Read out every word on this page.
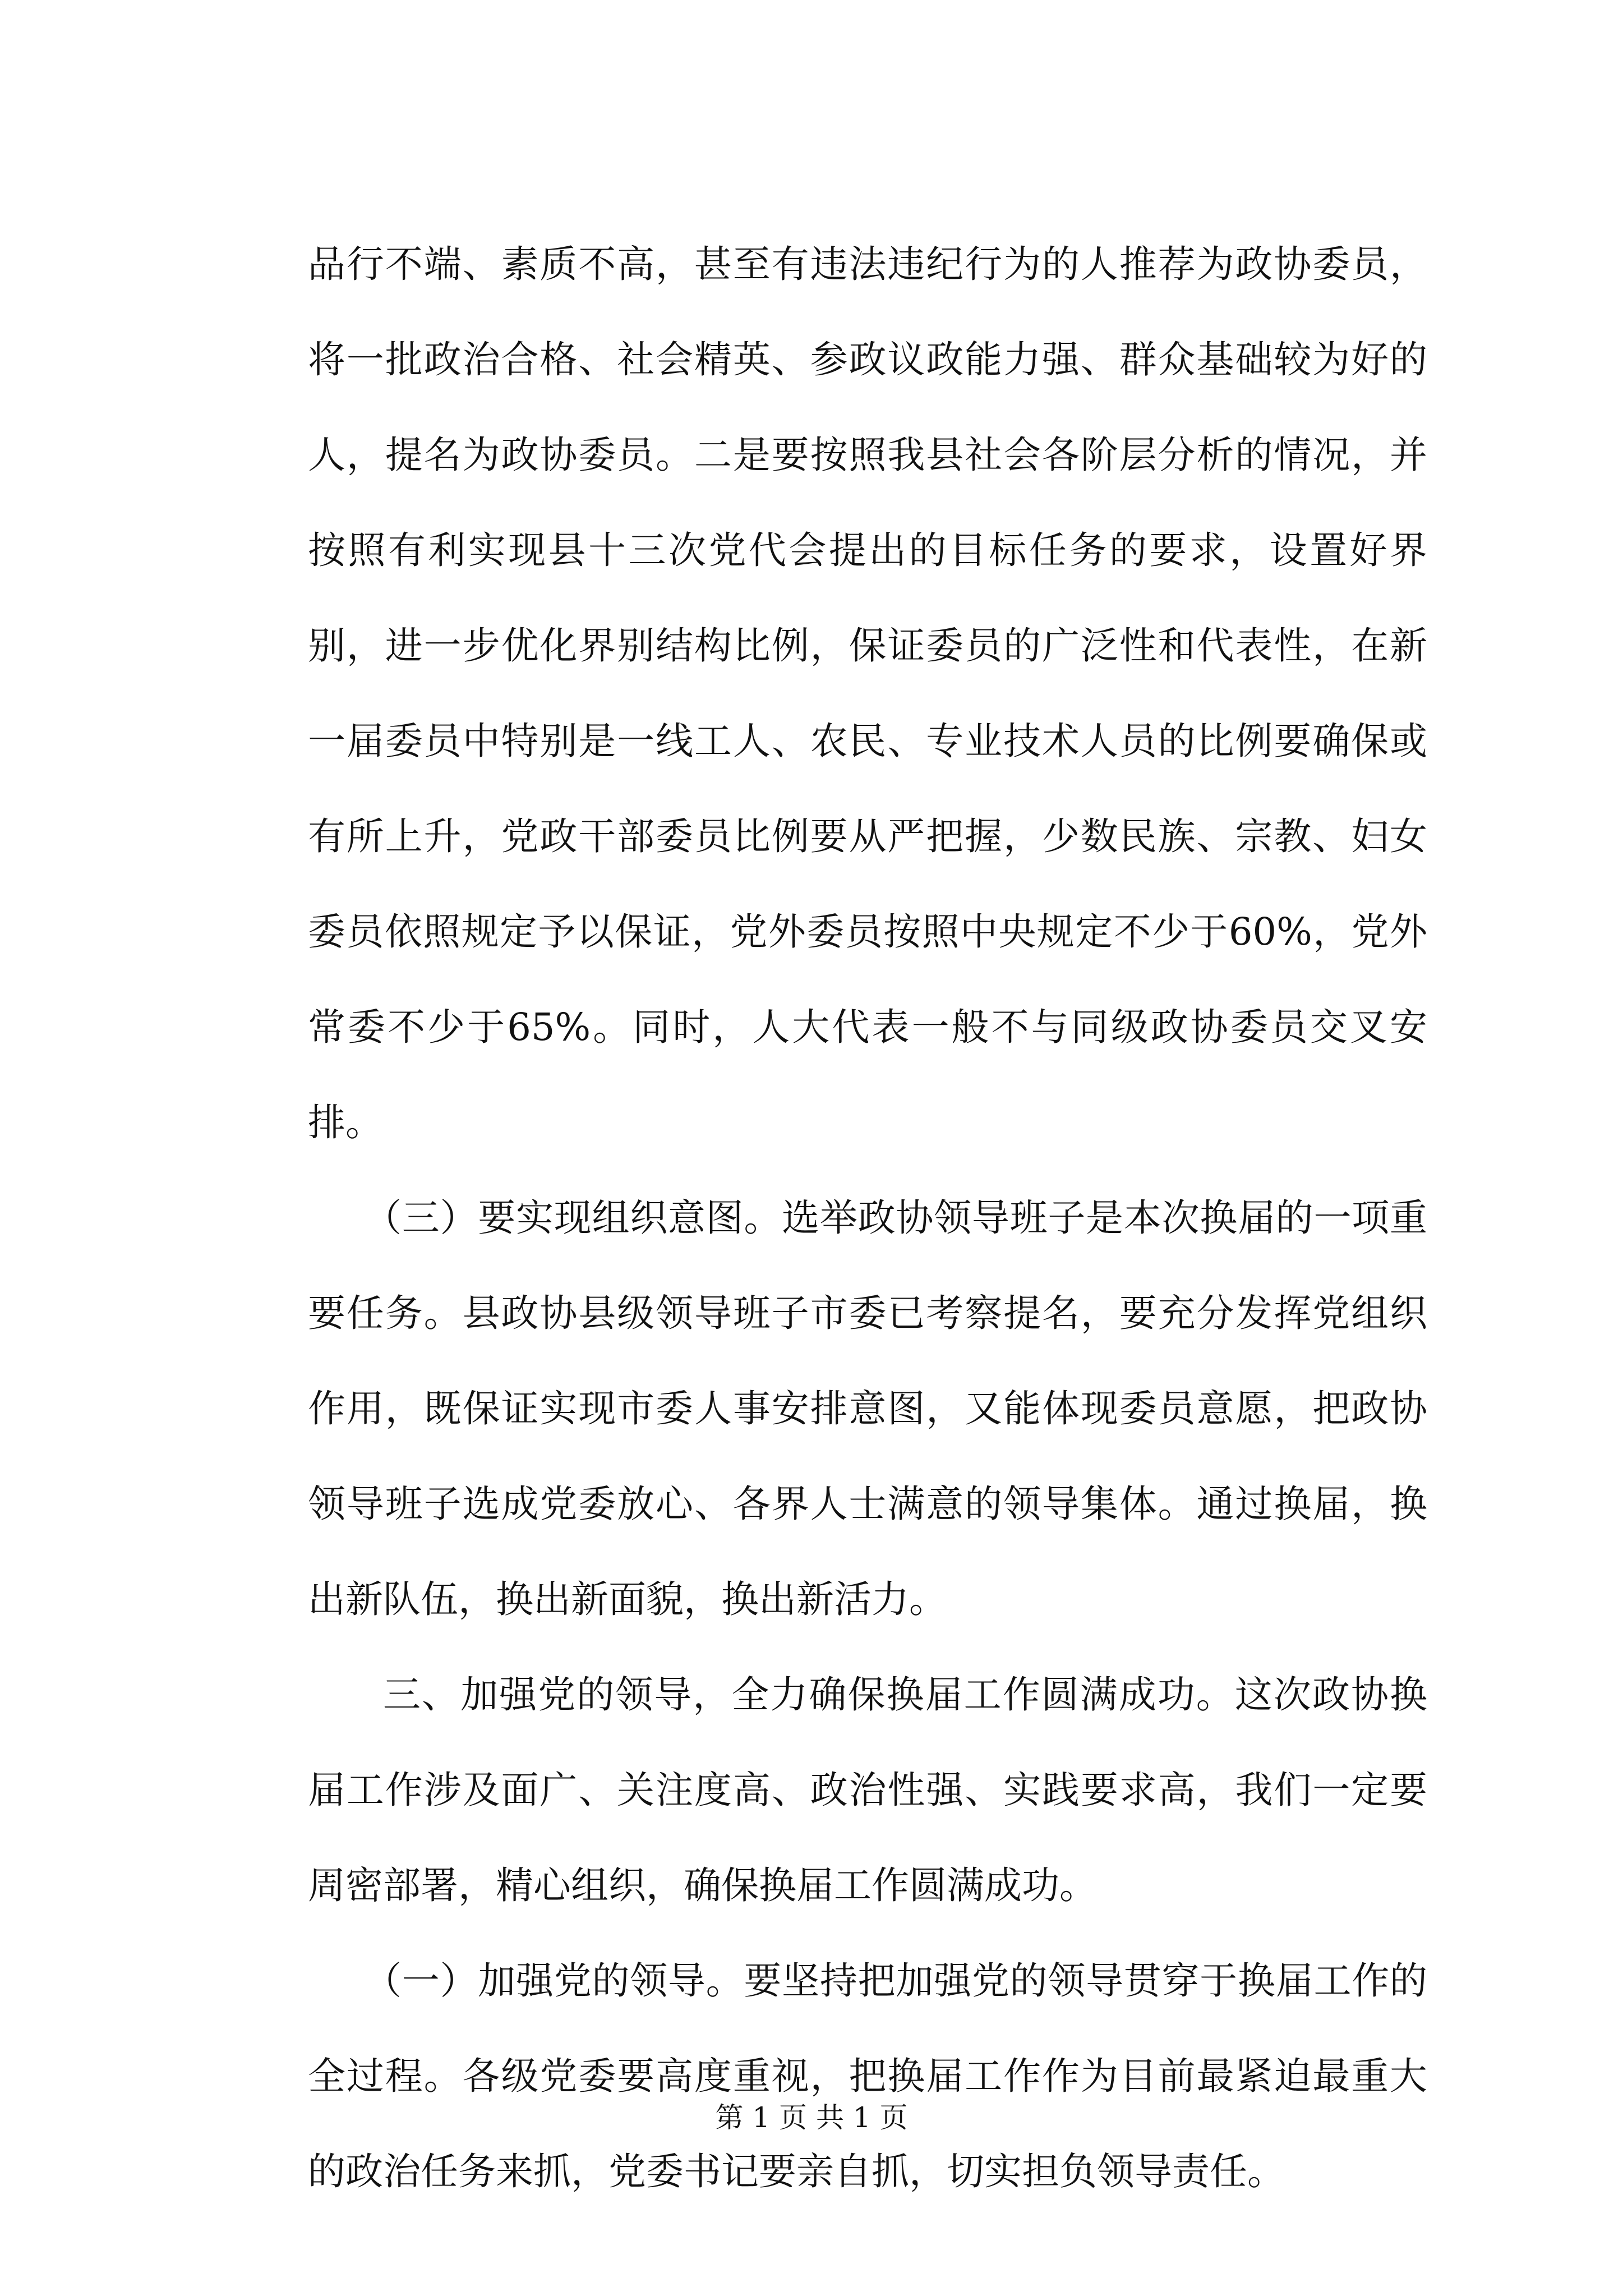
品行不端、素质不高，甚至有违法违纪行为的人推荐为政协委员，将一批政治合格、社会精英、参政议政能力强、群众基础较为好的人，提名为政协委员。二是要按照我县社会各阶层分析的情况，并按照有利实现县十三次党代会提出的目标任务的要求，设置好界别，进一步优化界别结构比例，保证委员的广泛性和代表性，在新一届委员中特别是一线工人、农民、专业技术人员的比例要确保或有所上升，党政干部委员比例要从严把握，少数民族、宗教、妇女委员依照规定予以保证，党外委员按照中央规定不少于60%，党外常委不少于65%。同时，人大代表一般不与同级政协委员交叉安排。

（三）要实现组织意图。选举政协领导班子是本次换届的一项重要任务。县政协县级领导班子市委已考察提名，要充分发挥党组织作用，既保证实现市委人事安排意图，又能体现委员意愿，把政协领导班子选成党委放心、各界人士满意的领导集体。通过换届，换出新队伍，换出新面貌，换出新活力。

三、加强党的领导，全力确保换届工作圆满成功。这次政协换届工作涉及面广、关注度高、政治性强、实践要求高，我们一定要周密部署，精心组织，确保换届工作圆满成功。

（一）加强党的领导。要坚持把加强党的领导贯穿于换届工作的全过程。各级党委要高度重视，把换届工作作为目前最紧迫最重大的政治任务来抓，党委书记要亲自抓，切实担负领导责任。

第 1 页 共 1 页
